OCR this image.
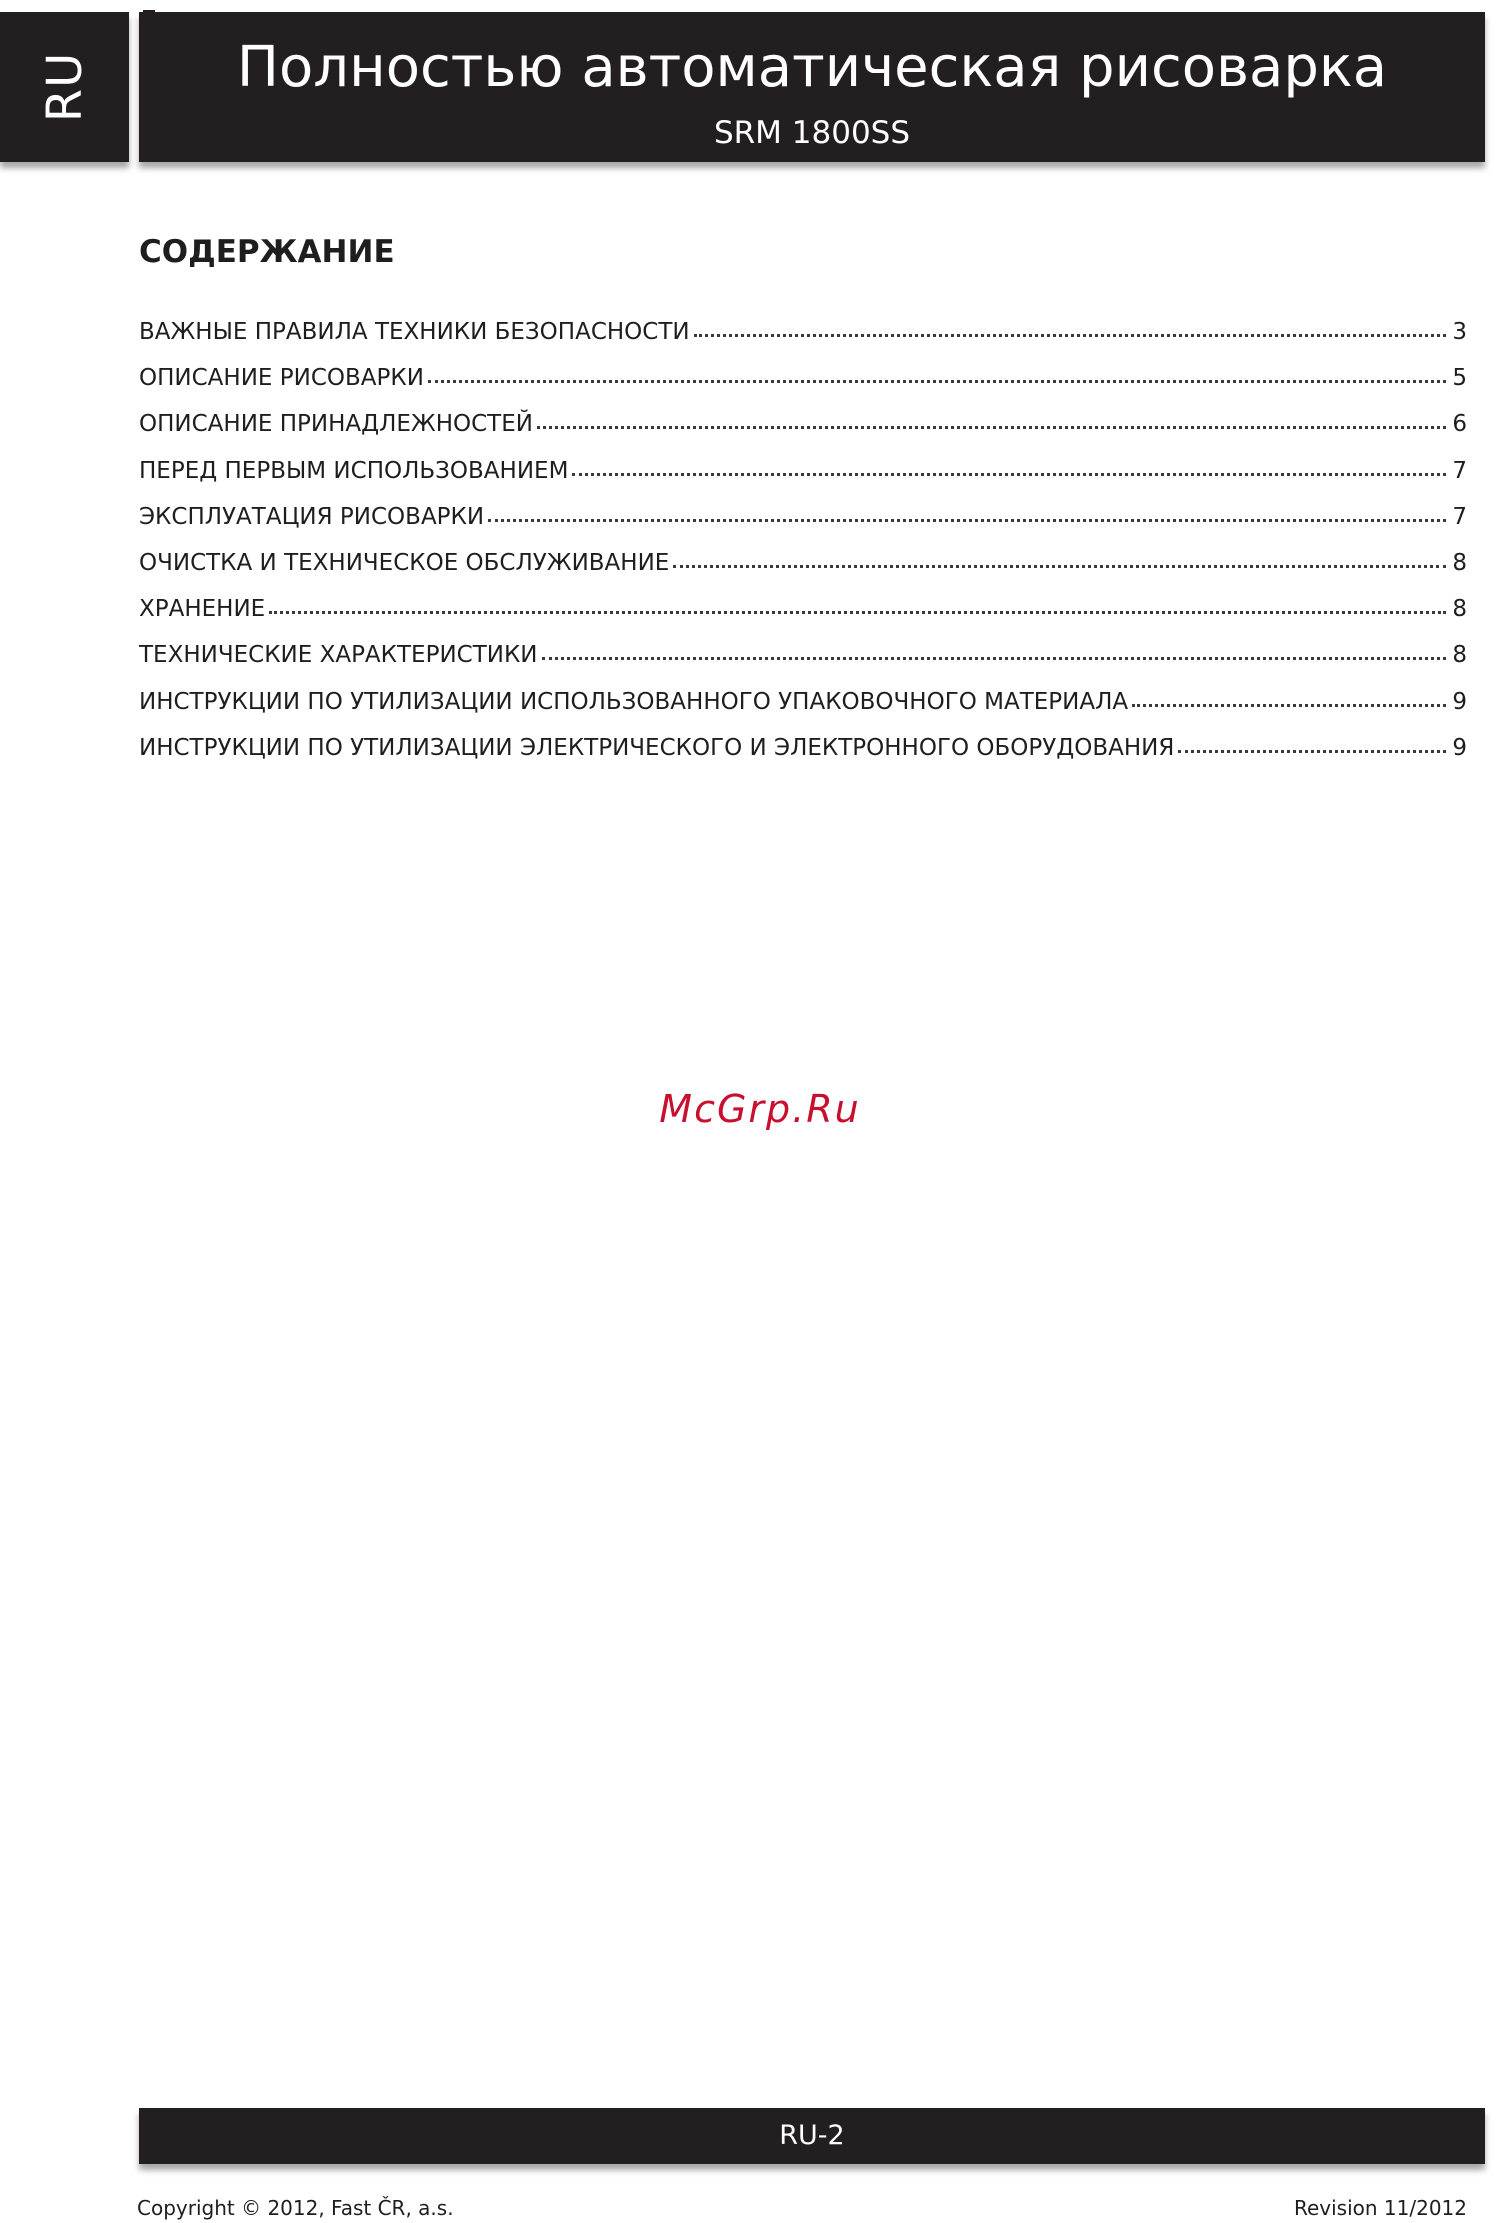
RU	Полностью автоматическая рисоварка
SRM 1800SS
СОДЕРЖАНИЕ
ВАЖНЫЕ ПРАВИЛА ТЕХНИКИ БЕЗОПАСНОСТИ	3
ОПИСАНИЕ РИСОВАРКИ	5
ОПИСАНИЕ ПРИНАДЛЕЖНОСТЕЙ	6
ПЕРЕД ПЕРВЫМ ИСПОЛЬЗОВАНИЕМ	7
ЭКСПЛУАТАЦИЯ РИСОВАРКИ	7
ОЧИСТКА И ТЕХНИЧЕСКОЕ ОБСЛУЖИВАНИЕ	8
ХРАНЕНИЕ	8
ТЕХНИЧЕСКИЕ ХАРАКТЕРИСТИКИ	8
ИНСТРУКЦИИ ПО УТИЛИЗАЦИИ ИСПОЛЬЗОВАННОГО УПАКОВОЧНОГО МАТЕРИАЛА	9
ИНСТРУКЦИИ ПО УТИЛИЗАЦИИ ЭЛЕКТРИЧЕСКОГО И ЭЛЕКТРОННОГО ОБОРУДОВАНИЯ	9
McGrp.Ru
RU-2
Copyright © 2012, Fast ČR, a.s.	Revision 11/2012
